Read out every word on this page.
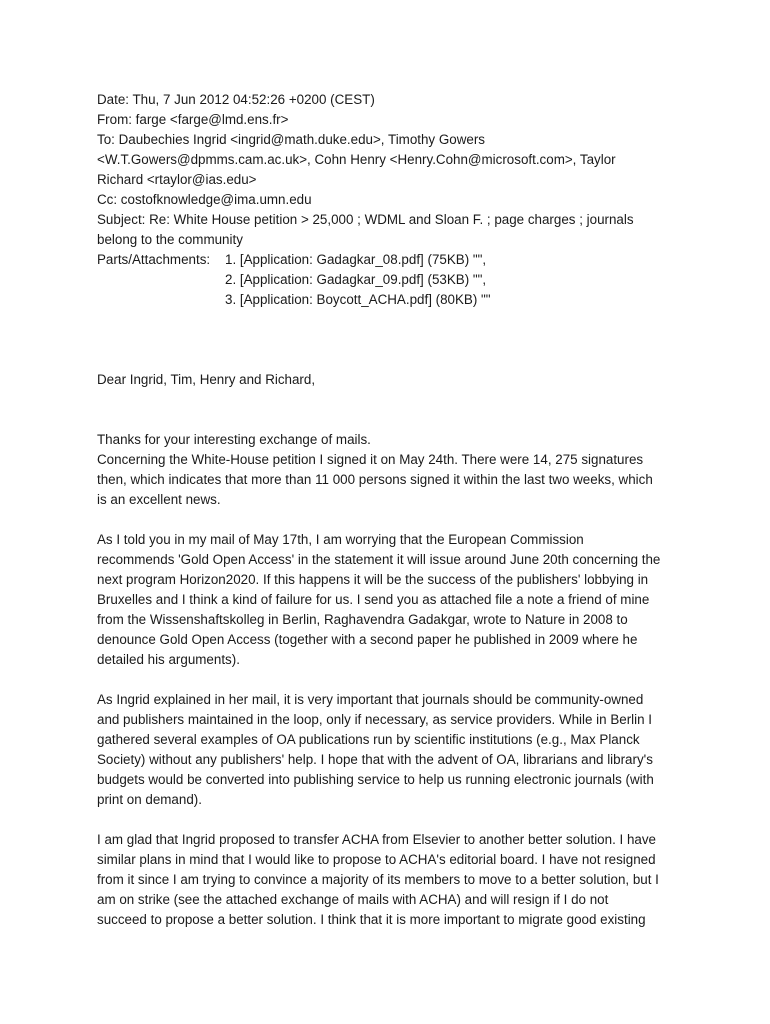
Date: Thu, 7 Jun 2012 04:52:26 +0200 (CEST)
From: farge <farge@lmd.ens.fr>
To: Daubechies Ingrid <ingrid@math.duke.edu>, Timothy Gowers
<W.T.Gowers@dpmms.cam.ac.uk>, Cohn Henry <Henry.Cohn@microsoft.com>, Taylor
Richard <rtaylor@ias.edu>
Cc: costofknowledge@ima.umn.edu
Subject: Re: White House petition > 25,000 ; WDML and Sloan F. ; page charges ; journals
belong to the community
Parts/Attachments: 1. [Application: Gadagkar_08.pdf] (75KB) "",
2. [Application: Gadagkar_09.pdf] (53KB) "",
3. [Application: Boycott_ACHA.pdf] (80KB) ""
Dear Ingrid, Tim, Henry and Richard,
Thanks for your interesting exchange of mails.
Concerning the White-House petition I signed it on May 24th. There were 14, 275 signatures
then, which indicates that more than 11 000 persons signed it within the last two weeks, which
is an excellent news.
As I told you in my mail of May 17th, I am worrying that the European Commission
recommends 'Gold Open Access' in the statement it will issue around June 20th concerning the
next program Horizon2020. If this happens it will be the success of the publishers' lobbying in
Bruxelles and I think a kind of failure for us. I send you as attached file a note a friend of mine
from the Wissenshaftskolleg in Berlin, Raghavendra Gadakgar, wrote to Nature in 2008 to
denounce Gold Open Access (together with a second paper he published in 2009 where he
detailed his arguments).
As Ingrid explained in her mail, it is very important that journals should be community-owned
and publishers maintained in the loop, only if necessary, as service providers. While in Berlin I
gathered several examples of OA publications run by scientific institutions (e.g., Max Planck
Society) without any publishers' help. I hope that with the advent of OA, librarians and library's
budgets would be converted into publishing service to help us running electronic journals (with
print on demand).
I am glad that Ingrid proposed to transfer ACHA from Elsevier to another better solution. I have
similar plans in mind that I would like to propose to ACHA's editorial board. I have not resigned
from it since I am trying to convince a majority of its members to move to a better solution, but I
am on strike (see the attached exchange of mails with ACHA) and will resign if I do not
succeed to propose a better solution. I think that it is more important to migrate good existing
